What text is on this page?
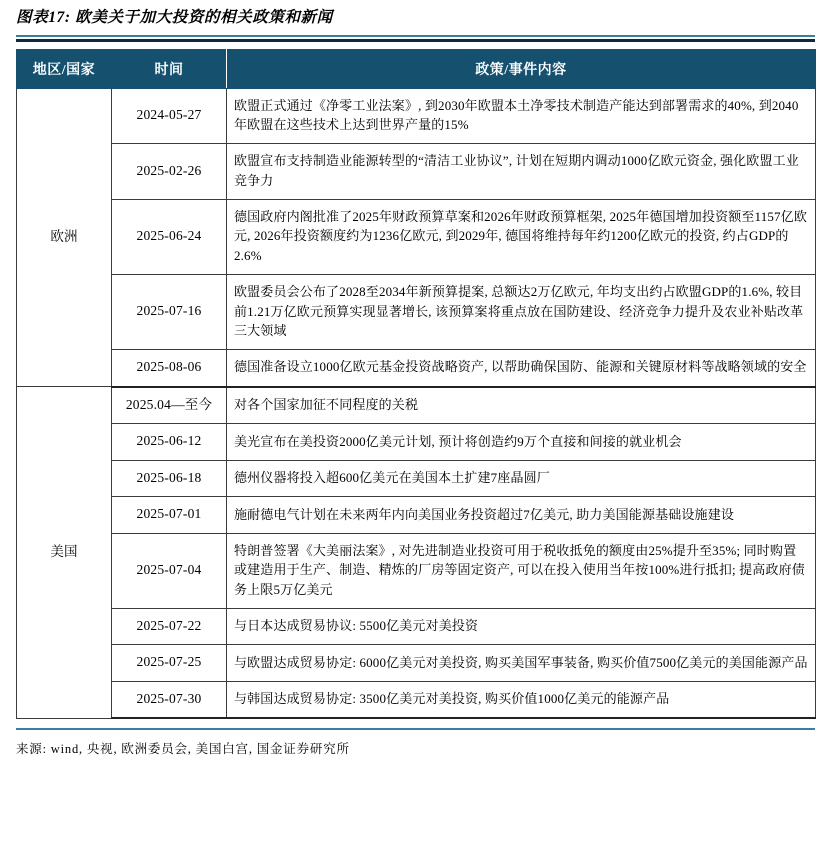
图表17: 欧美关于加大投资的相关政策和新闻
地区/国家	时间	政策/事件内容
欧洲	2024-05-27	欧盟正式通过《净零工业法案》, 到2030年欧盟本土净零技术制造产能达到部署需求的40%, 到2040年欧盟在这些技术上达到世界产量的15%
	2025-02-26	欧盟宣布支持制造业能源转型的“清洁工业协议”, 计划在短期内调动1000亿欧元资金, 强化欧盟工业竞争力
	2025-06-24	德国政府内阁批准了2025年财政预算草案和2026年财政预算框架, 2025年德国增加投资额至1157亿欧元, 2026年投资额度约为1236亿欧元, 到2029年, 德国将维持每年约1200亿欧元的投资, 约占GDP的2.6%
	2025-07-16	欧盟委员会公布了2028至2034年新预算提案, 总额达2万亿欧元, 年均支出约占欧盟GDP的1.6%, 较目前1.21万亿欧元预算实现显著增长, 该预算案将重点放在国防建设、经济竞争力提升及农业补贴改革三大领域
	2025-08-06	德国准备设立1000亿欧元基金投资战略资产, 以帮助确保国防、能源和关键原材料等战略领域的安全
美国	2025.04—至今	对各个国家加征不同程度的关税
	2025-06-12	美光宣布在美投资2000亿美元计划, 预计将创造约9万个直接和间接的就业机会
	2025-06-18	德州仪器将投入超600亿美元在美国本土扩建7座晶圆厂
	2025-07-01	施耐德电气计划在未来两年内向美国业务投资超过7亿美元, 助力美国能源基础设施建设
	2025-07-04	特朗普签署《大美丽法案》, 对先进制造业投资可用于税收抵免的额度由25%提升至35%; 同时购置或建造用于生产、制造、精炼的厂房等固定资产, 可以在投入使用当年按100%进行抵扣; 提高政府债务上限5万亿美元
	2025-07-22	与日本达成贸易协议: 5500亿美元对美投资
	2025-07-25	与欧盟达成贸易协定: 6000亿美元对美投资, 购买美国军事装备, 购买价值7500亿美元的美国能源产品
	2025-07-30	与韩国达成贸易协定: 3500亿美元对美投资, 购买价值1000亿美元的能源产品
来源: wind, 央视, 欧洲委员会, 美国白宫, 国金证券研究所
